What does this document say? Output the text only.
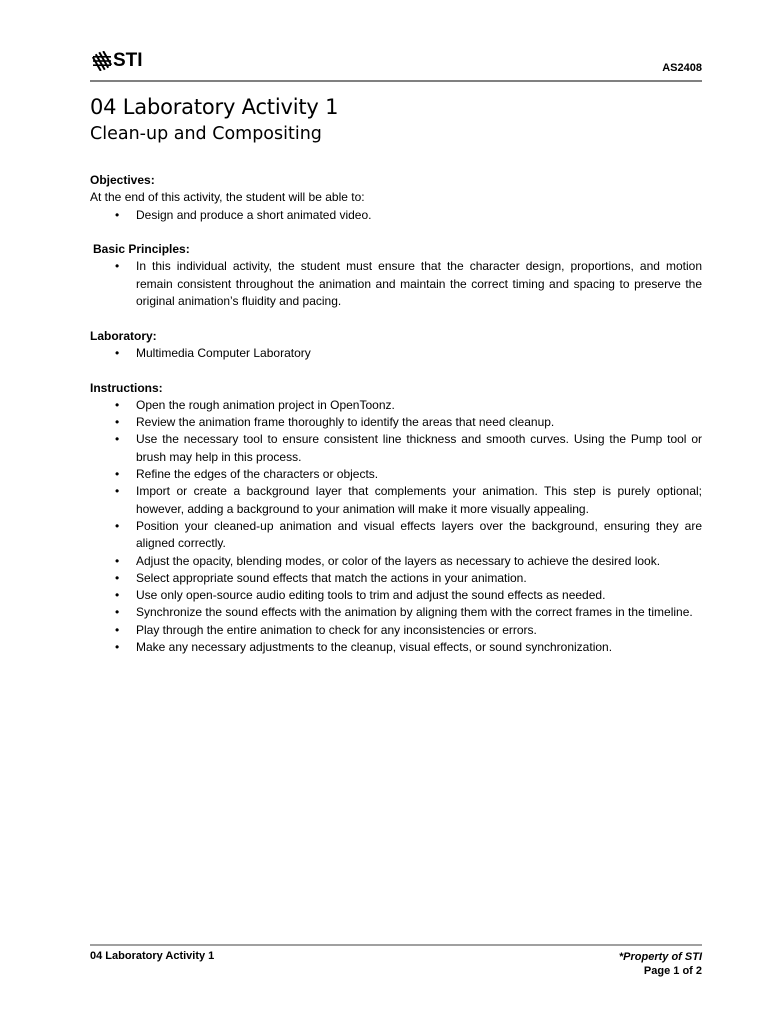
STI	AS2408
04 Laboratory Activity 1
Clean-up and Compositing

Objectives:

At the end of this activity, the student will be able to:

• Design and produce a short animated video.

Basic Principles:

• In this individual activity, the student must ensure that the character design, proportions, and motion remain consistent throughout the animation and maintain the correct timing and spacing to preserve the original animation’s fluidity and pacing.

Laboratory:

• Multimedia Computer Laboratory

Instructions:

• Open the rough animation project in OpenToonz.
• Review the animation frame thoroughly to identify the areas that need cleanup.
• Use the necessary tool to ensure consistent line thickness and smooth curves. Using the Pump tool or brush may help in this process.
• Refine the edges of the characters or objects.
• Import or create a background layer that complements your animation. This step is purely optional; however, adding a background to your animation will make it more visually appealing.
• Position your cleaned-up animation and visual effects layers over the background, ensuring they are aligned correctly.
• Adjust the opacity, blending modes, or color of the layers as necessary to achieve the desired look.
• Select appropriate sound effects that match the actions in your animation.
• Use only open-source audio editing tools to trim and adjust the sound effects as needed.
• Synchronize the sound effects with the animation by aligning them with the correct frames in the timeline.
• Play through the entire animation to check for any inconsistencies or errors.
• Make any necessary adjustments to the cleanup, visual effects, or sound synchronization.
04 Laboratory Activity 1	*Property of STI
Page 1 of 2
